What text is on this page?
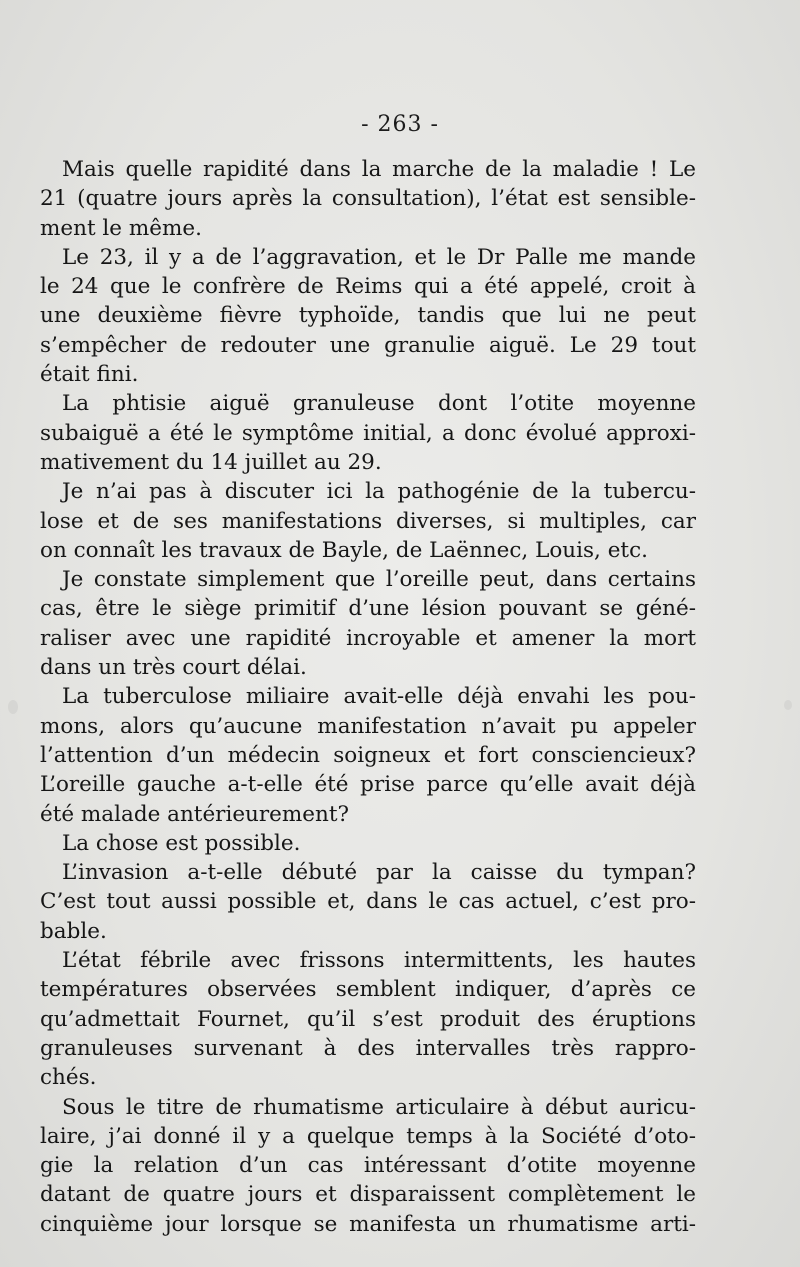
- 263 -
Mais quelle rapidité dans la marche de la maladie ! Le
21 (quatre jours après la consultation), l’état est sensible-
ment le même.
Le 23, il y a de l’aggravation, et le Dr Palle me mande
le 24 que le confrère de Reims qui a été appelé, croit à
une deuxième fièvre typhoïde, tandis que lui ne peut
s’empêcher de redouter une granulie aiguë. Le 29 tout
était fini.
La phtisie aiguë granuleuse dont l’otite moyenne
subaiguë a été le symptôme initial, a donc évolué approxi-
mativement du 14 juillet au 29.
Je n’ai pas à discuter ici la pathogénie de la tubercu-
lose et de ses manifestations diverses, si multiples, car
on connaît les travaux de Bayle, de Laënnec, Louis, etc.
Je constate simplement que l’oreille peut, dans certains
cas, être le siège primitif d’une lésion pouvant se géné-
raliser avec une rapidité incroyable et amener la mort
dans un très court délai.
La tuberculose miliaire avait-elle déjà envahi les pou-
mons, alors qu’aucune manifestation n’avait pu appeler
l’attention d’un médecin soigneux et fort consciencieux?
L’oreille gauche a-t-elle été prise parce qu’elle avait déjà
été malade antérieurement?
La chose est possible.
L’invasion a-t-elle débuté par la caisse du tympan?
C’est tout aussi possible et, dans le cas actuel, c’est pro-
bable.
L’état fébrile avec frissons intermittents, les hautes
températures observées semblent indiquer, d’après ce
qu’admettait Fournet, qu’il s’est produit des éruptions
granuleuses survenant à des intervalles très rappro-
chés.
Sous le titre de rhumatisme articulaire à début auricu-
laire, j’ai donné il y a quelque temps à la Société d’oto-
gie la relation d’un cas intéressant d’otite moyenne
datant de quatre jours et disparaissent complètement le
cinquième jour lorsque se manifesta un rhumatisme arti-
